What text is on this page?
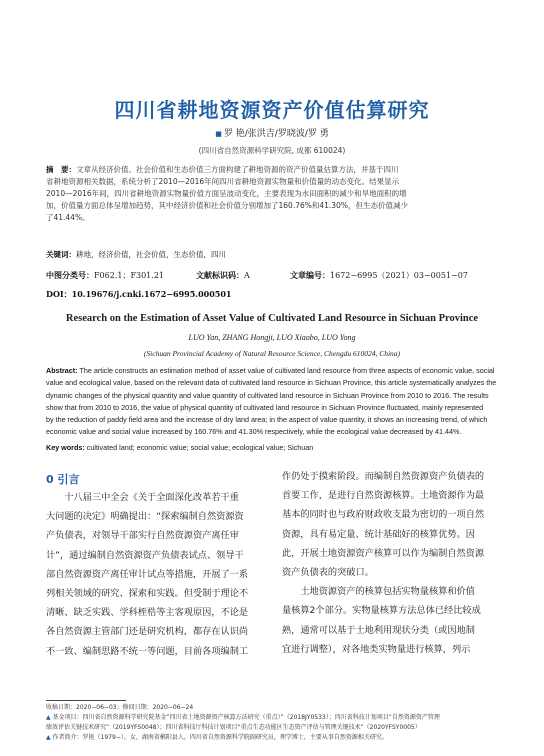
四川省耕地资源资产价值估算研究
■ 罗 艳/张洪吉/罗晓波/罗 勇
(四川省自然资源科学研究院, 成都 610024)
摘　要：文章从经济价值、社会价值和生态价值三方面构建了耕地资源的资产价值量估算方法，并基于四川
省耕地资源相关数据，系统分析了2010—2016年间四川省耕地资源实物量和价值量的动态变化。结果显示
2010—2016年间，四川省耕地资源实物量价值方面呈波动变化，主要表现为水田面积的减少和旱地面积的增
加，价值量方面总体呈增加趋势，其中经济价值和社会价值分别增加了160.76%和41.30%，但生态价值减少
了41.44%。
关键词：耕地，经济价值，社会价值，生态价值，四川
中图分类号：F062.1；F301.21	文献标识码：A	文章编号：1672−6995（2021）03−0051−07
DOI：10.19676/j.cnki.1672−6995.000501
Research on the Estimation of Asset Value of Cultivated Land Resource in Sichuan Province
LUO Yan, ZHANG Hongji, LUO Xiaobo, LUO Yong
(Sichuan Provincial Academy of Natural Resource Science, Chengdu 610024, China)
Abstract: The article constructs an estimation method of asset value of cultivated land resource from three aspects of economic value, social
value and ecological value, based on the relevant data of cultivated land resource in Sichuan Province, this article systematically analyzes the
dynamic changes of the physical quantity and value quantity of cultivated land resource in Sichuan Province from 2010 to 2016. The results
show that from 2010 to 2016, the value of physical quantity of cultivated land resource in Sichuan Province fluctuated, mainly represented
by the reduction of paddy field area and the increase of dry land area; in the aspect of value quantity, it shows an increasing trend, of which
economic value and social value increased by 160.76% and 41.30% respectively, while the ecological value decreased by 41.44%.
Key words: cultivated land; economic value; social value; ecological value; Sichuan
0 引言
　　十八届三中全会《关于全面深化改革若干重
大问题的决定》明确提出：“探索编制自然资源资
产负债表，对领导干部实行自然资源资产离任审
计”，通过编制自然资源资产负债表试点、领导干
部自然资源资产离任审计试点等措施，开展了一系
列相关领域的研究、探索和实践。但受制于理论不
清晰、缺乏实践、学科桎梏等主客观原因，不论是
各自然资源主管部门还是研究机构，都存在认识尚
不一致、编制思路不统一等问题，目前各项编制工
作仍处于摸索阶段。而编制自然资源资产负债表的
首要工作，是进行自然资源核算。土地资源作为最
基本的同时也与政府财政收支最为密切的一项自然
资源，具有易定量、统计基础好的核算优势。因
此，开展土地资源资产核算可以作为编制自然资源
资产负债表的突破口。
　　土地资源资产的核算包括实物量核算和价值
量核算2个部分。实物量核算方法总体已经比较成
熟，通常可以基于土地利用现状分类（或因地制
宜进行调整），对各地类实物量进行核算，列示
收稿日期：2020−06−03；修回日期：2020−06−24
▲ 基金项目：四川省自然资源科学研究院基金“四川省土地资源资产核算方法研究（重点）”（2018JY0533）；四川省科技计划项目“自然资源资产管理
绩效评估关键技术研究”（2019YFS0048）；四川省科技厅科技计划项目“重点生态功能区生态资产评估与管理关键技术”（2020YFSY0005）
▲ 作者简介：罗艳（1979−），女，湖南省郴阳县人，四川省自然资源科学院副研究员，理学博士，主要从事自然资源相关研究。
